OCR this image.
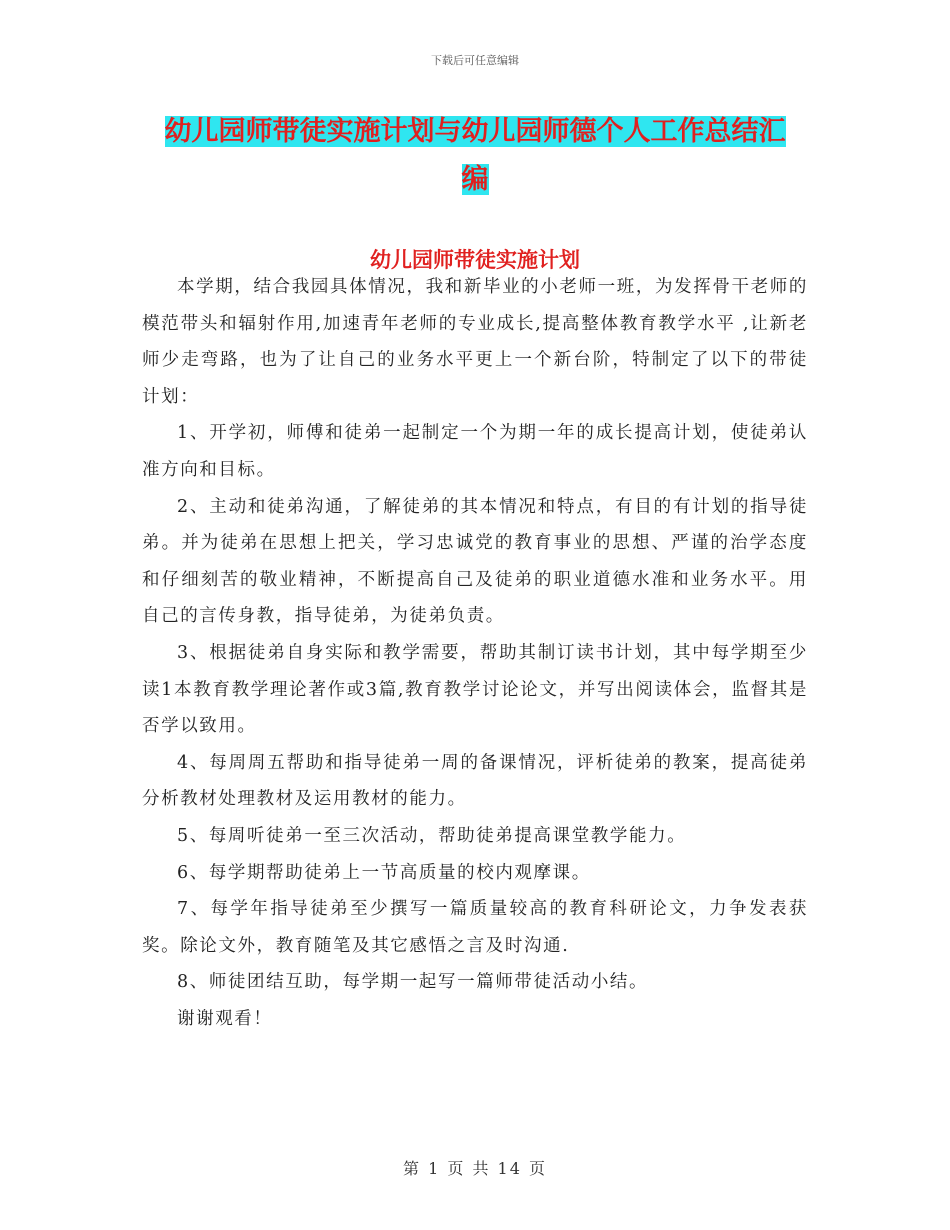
下载后可任意编辑
幼儿园师带徒实施计划与幼儿园师德个人工作总结汇
编
幼儿园师带徒实施计划

本学期，结合我园具体情况，我和新毕业的小老师一班，为发挥骨干老师的模范带头和辐射作用,加速青年老师的专业成长,提高整体教育教学水平 ,让新老师少走弯路，也为了让自己的业务水平更上一个新台阶，特制定了以下的带徒计划：

1、开学初，师傅和徒弟一起制定一个为期一年的成长提高计划，使徒弟认准方向和目标。

2、主动和徒弟沟通，了解徒弟的其本情况和特点，有目的有计划的指导徒弟。并为徒弟在思想上把关，学习忠诚党的教育事业的思想、严谨的治学态度和仔细刻苦的敬业精神，不断提高自己及徒弟的职业道德水准和业务水平。用自己的言传身教，指导徒弟，为徒弟负责。

3、根据徒弟自身实际和教学需要，帮助其制订读书计划，其中每学期至少读1本教育教学理论著作或3篇,教育教学讨论论文，并写出阅读体会，监督其是否学以致用。

4、每周周五帮助和指导徒弟一周的备课情况，评析徒弟的教案，提高徒弟分析教材处理教材及运用教材的能力。

5、每周听徒弟一至三次活动，帮助徒弟提高课堂教学能力。

6、每学期帮助徒弟上一节高质量的校内观摩课。

7、每学年指导徒弟至少撰写一篇质量较高的教育科研论文，力争发表获奖。除论文外，教育随笔及其它感悟之言及时沟通.

8、师徒团结互助，每学期一起写一篇师带徒活动小结。

谢谢观看！

第 1 页 共 14 页
